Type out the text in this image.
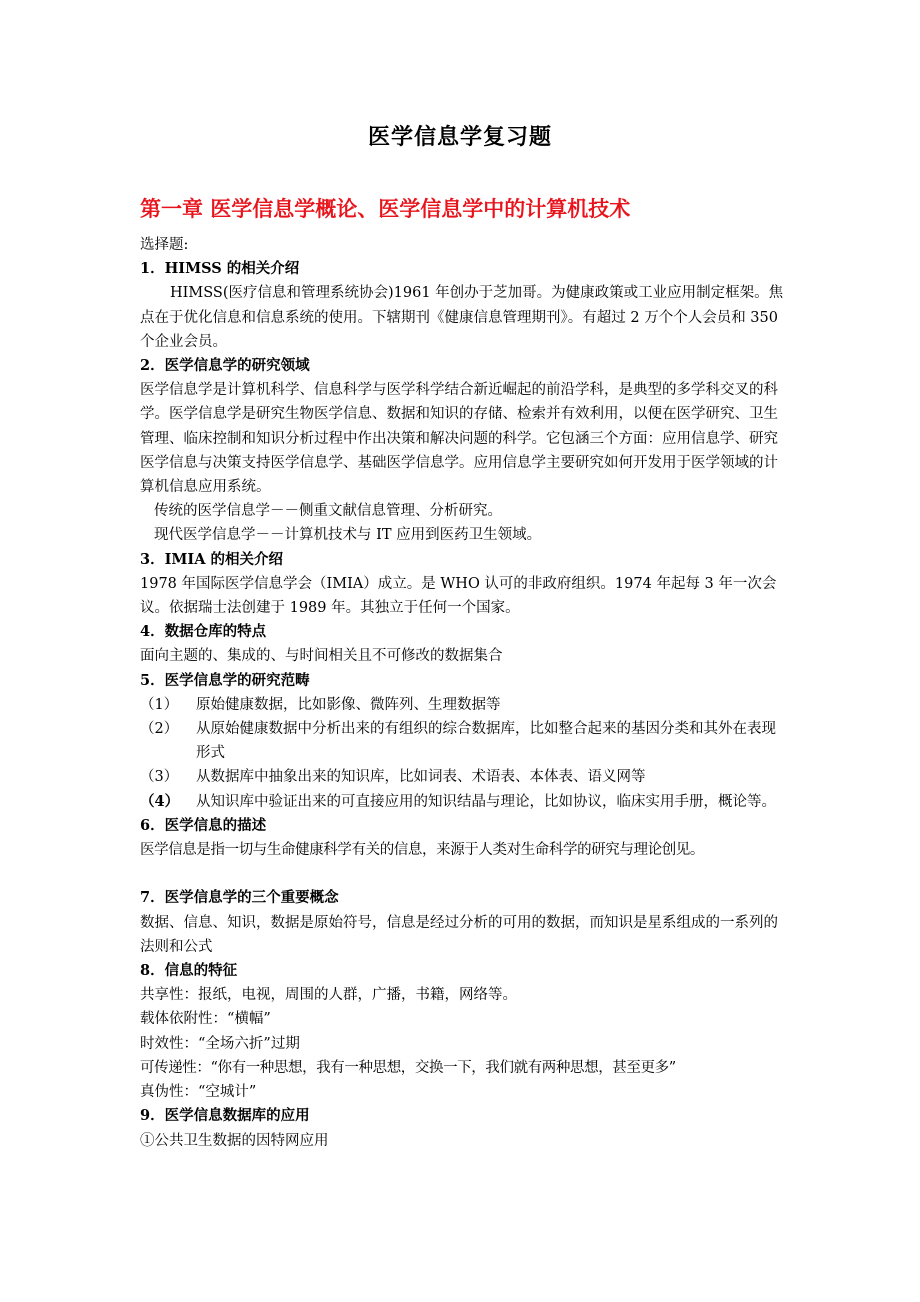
医学信息学复习题
第一章 医学信息学概论、医学信息学中的计算机技术

选择题:

1．HIMSS 的相关介绍

HIMSS(医疗信息和管理系统协会)1961 年创办于芝加哥。为健康政策或工业应用制定框架。焦点在于优化信息和信息系统的使用。下辖期刊《健康信息管理期刊》。有超过 2 万个个人会员和 350 个企业会员。

2．医学信息学的研究领域

医学信息学是计算机科学、信息科学与医学科学结合新近崛起的前沿学科，是典型的多学科交叉的科学。医学信息学是研究生物医学信息、数据和知识的存储、检索并有效利用，以便在医学研究、卫生管理、临床控制和知识分析过程中作出决策和解决问题的科学。它包涵三个方面：应用信息学、研究医学信息与决策支持医学信息学、基础医学信息学。应用信息学主要研究如何开发用于医学领域的计算机信息应用系统。

传统的医学信息学－－侧重文献信息管理、分析研究。

现代医学信息学－－计算机技术与 IT 应用到医药卫生领域。

3．IMIA 的相关介绍

1978 年国际医学信息学会（IMIA）成立。是 WHO 认可的非政府组织。1974 年起每 3 年一次会议。依据瑞士法创建于 1989 年。其独立于任何一个国家。

4．数据仓库的特点

面向主题的、集成的、与时间相关且不可修改的数据集合

5．医学信息学的研究范畴

（1）	原始健康数据，比如影像、微阵列、生理数据等
（2）	从原始健康数据中分析出来的有组织的综合数据库，比如整合起来的基因分类和其外在表现形式
（3）	从数据库中抽象出来的知识库，比如词表、术语表、本体表、语义网等
（4）	从知识库中验证出来的可直接应用的知识结晶与理论，比如协议，临床实用手册，概论等。

6．医学信息的描述

医学信息是指一切与生命健康科学有关的信息，来源于人类对生命科学的研究与理论创见。

7．医学信息学的三个重要概念

数据、信息、知识，数据是原始符号，信息是经过分析的可用的数据，而知识是星系组成的一系列的法则和公式

8．信息的特征

共享性：报纸，电视，周围的人群，广播，书籍，网络等。

载体依附性：“横幅”

时效性：“全场六折”过期

可传递性：“你有一种思想，我有一种思想，交换一下，我们就有两种思想，甚至更多”

真伪性：“空城计”

9．医学信息数据库的应用

①公共卫生数据的因特网应用
